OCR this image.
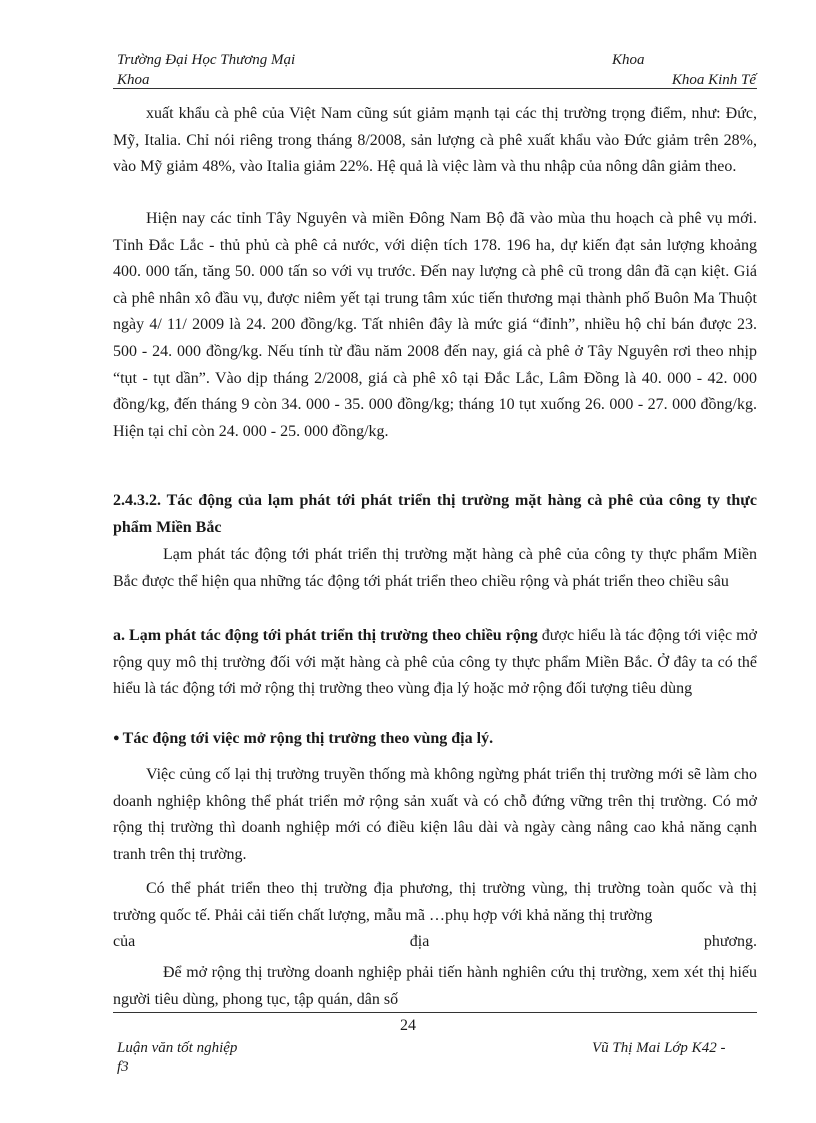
Trường Đại Học Thương Mại	Khoa
Khoa	Khoa Kinh Tế

xuất khẩu cà phê của Việt Nam cũng sút giảm mạnh tại các thị trường trọng điểm, như: Đức, Mỹ, Italia. Chỉ nói riêng trong tháng 8/2008, sản lượng cà phê xuất khẩu vào Đức giảm trên 28%, vào Mỹ giảm 48%, vào Italia giảm 22%. Hệ quả là việc làm và thu nhập của nông dân giảm theo.

Hiện nay các tỉnh Tây Nguyên và miền Đông Nam Bộ đã vào mùa thu hoạch cà phê vụ mới. Tỉnh Đắc Lắc - thủ phủ cà phê cả nước, với diện tích 178. 196 ha, dự kiến đạt sản lượng khoảng 400. 000 tấn, tăng 50. 000 tấn so với vụ trước. Đến nay lượng cà phê cũ trong dân đã cạn kiệt. Giá cà phê nhân xô đầu vụ, được niêm yết tại trung tâm xúc tiến thương mại thành phố Buôn Ma Thuột ngày 4/ 11/ 2009 là 24. 200 đồng/kg. Tất nhiên đây là mức giá “đỉnh”, nhiều hộ chỉ bán được 23. 500 - 24. 000 đồng/kg. Nếu tính từ đầu năm 2008 đến nay, giá cà phê ở Tây Nguyên rơi theo nhịp “tụt - tụt dần”. Vào dịp tháng 2/2008, giá cà phê xô tại Đắc Lắc, Lâm Đồng là 40. 000 - 42. 000 đồng/kg, đến tháng 9 còn 34. 000 - 35. 000 đồng/kg; tháng 10 tụt xuống 26. 000 - 27. 000 đồng/kg. Hiện tại chỉ còn 24. 000 - 25. 000 đồng/kg.

2.4.3.2. Tác động của lạm phát tới phát triển thị trường mặt hàng cà phê của công ty thực phẩm Miền Bắc

Lạm phát tác động tới phát triển thị trường mặt hàng cà phê của công ty thực phẩm Miền Bắc được thể hiện qua những tác động tới phát triển theo chiều rộng và phát triển theo chiều sâu

a. Lạm phát tác động tới phát triển thị trường theo chiều rộng được hiểu là tác động tới việc mở rộng quy mô thị trường đối với mặt hàng cà phê của công ty thực phẩm Miền Bắc. Ở đây ta có thể hiểu là tác động tới mở rộng thị trường theo vùng địa lý hoặc mở rộng đối tượng tiêu dùng

● Tác động tới việc mở rộng thị trường theo vùng địa lý.

Việc củng cố lại thị trường truyền thống mà không ngừng phát triển thị trường mới sẽ làm cho doanh nghiệp không thể phát triển mở rộng sản xuất và có chỗ đứng vững trên thị trường. Có mở rộng thị trường thì doanh nghiệp mới có điều kiện lâu dài và ngày càng nâng cao khả năng cạnh tranh trên thị trường.

Có thể phát triển theo thị trường địa phương, thị trường vùng, thị trường toàn quốc và thị trường quốc tế. Phải cải tiến chất lượng, mẫu mã …phụ hợp với khả năng thị trường

của	địa	phương.

Để mở rộng thị trường doanh nghiệp phải tiến hành nghiên cứu thị trường, xem xét thị hiếu người tiêu dùng, phong tục, tập quán, dân số

24
Luận văn tốt nghiệp
f3
Vũ Thị Mai Lớp K42 -
